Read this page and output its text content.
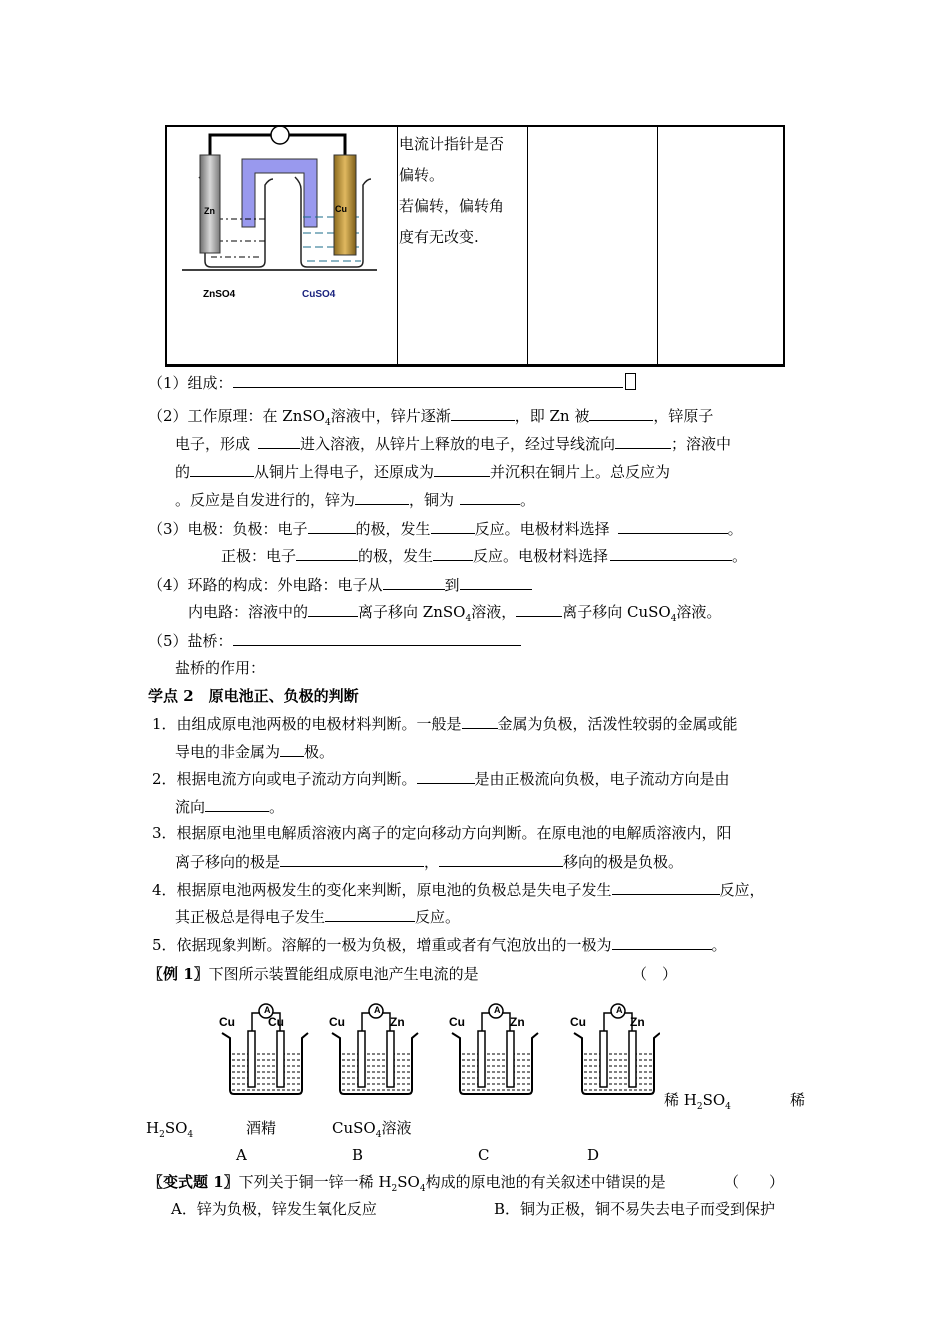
Zn	Cu
ZnSO4	CuSO4
电流计指针是否
偏转。
若偏转，偏转角
度有无改变.
（1）组成：
（2）工作原理：在 ZnSO$_4$溶液中，锌片逐渐	，即 Zn 被	，锌原子
电子，形成	进入溶液，从锌片上释放的电子，经过导线流向	；溶液中
的	从铜片上得电子，还原成为	并沉积在铜片上。总反应为
。反应是自发进行的，锌为	，铜为	。
（3）电极：负极：电子	的极，发生	反应。电极材料选择	。
正极：电子	的极，发生	反应。电极材料选择	。
（4）环路的构成：外电路：电子从	到
内电路：溶液中的	离子移向 ZnSO$_4$溶液，	离子移向 CuSO$_4$溶液。
（5）盐桥：
盐桥的作用：
学点 2　原电池正、负极的判断
1．由组成原电池两极的电极材料判断。一般是 金属为负极，活泼性较弱的金属或能
导电的非金属为 极。
2．根据电流方向或电子流动方向判断。	是由正极流向负极，电子流动方向是由
流向	。
3．根据原电池里电解质溶液内离子的定向移动方向判断。在原电池的电解质溶液内，阳
离子移向的极是	，	移向的极是负极。
4．根据原电池两极发生的变化来判断，原电池的负极总是失电子发生	反应，
其正极总是得电子发生	反应。
5．依据现象判断。溶解的一极为负极，增重或者有气泡放出的一极为	。
〖例 1〗下图所示装置能组成原电池产生电流的是	（　）
Cu
A
Cu	Cu
A
Zn	Cu
A
Zn	Cu
A
Zn
稀 $H_2SO_4$	稀
$H_2SO_4$	酒精	CuSO$_4$溶液
A	B	C	D
〖变式题 1〗下列关于铜一锌一稀 $H_2SO_4$构成的原电池的有关叙述中错误的是	（　　）
A．锌为负极，锌发生氧化反应	B．铜为正极，铜不易失去电子而受到保护
